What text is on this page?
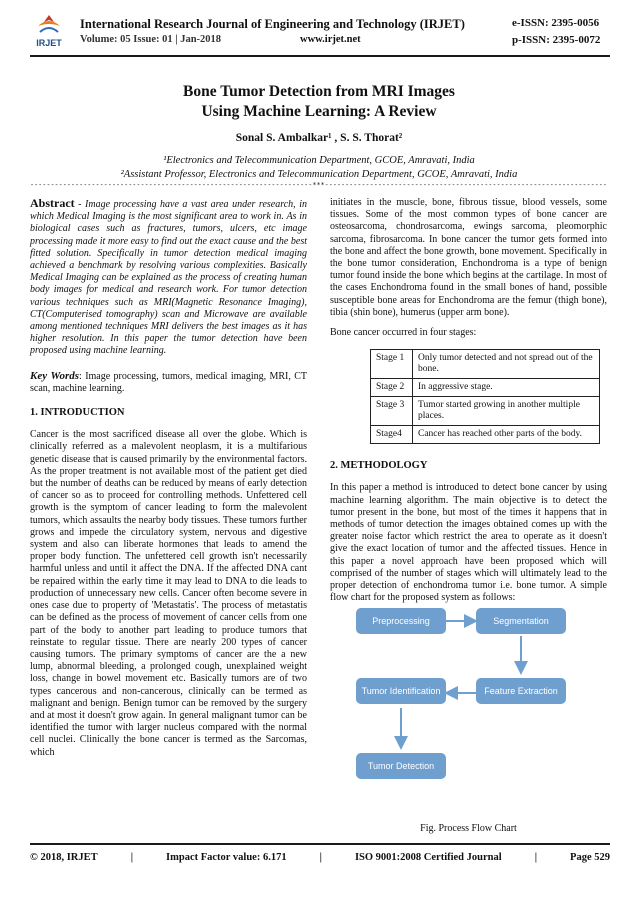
IRJET
International Research Journal of Engineering and Technology (IRJET)	e-ISSN: 2395-0056
Volume: 05 Issue: 01 | Jan-2018	www.irjet.net	p-ISSN: 2395-0072
Bone Tumor Detection from MRI Images
Using Machine Learning: A Review
Sonal S. Ambalkar¹ , S. S. Thorat²
¹Electronics and Telecommunication Department, GCOE, Amravati, India
²Assistant Professor, Electronics and Telecommunication Department, GCOE, Amravati, India
---------------------------------------------------------------------***---------------------------------------------------------------------

Abstract - Image processing have a vast area under research, in which Medical Imaging is the most significant area to work in. As in biological cases such as fractures, tumors, ulcers, etc image processing made it more easy to find out the exact cause and the best fitted solution. Specifically in tumor detection medical imaging achieved a benchmark by resolving various complexities. Basically Medical Imaging can be explained as the process of creating human body images for medical and research work. For tumor detection various techniques such as MRI(Magnetic Resonance Imaging), CT(Computerised tomography) scan and Microwave are available among mentioned techniques MRI delivers the best images as it has higher resolution. In this paper the tumor detection have been proposed using machine learning.

Key Words: Image processing, tumors, medical imaging, MRI, CT scan, machine learning.

1. INTRODUCTION

Cancer is the most sacrificed disease all over the globe. Which is clinically referred as a malevolent neoplasm, it is a multifarious genetic disease that is caused primarily by the environmental factors. As the proper treatment is not available most of the patient get died but the number of deaths can be reduced by means of early detection of cancer so as to proceed for controlling methods. Unfettered cell growth is the symptom of cancer leading to form the malevolent tumors, which assaults the nearby body tissues. These tumors further grows and impede the circulatory system, nervous and digestive system and also can liberate hormones that leads to amend the proper body function. The unfettered cell growth isn't necessarily harmful unless and until it affect the DNA. If the affected DNA cant be repaired within the early time it may lead to DNA to die leads to production of unnecessary new cells. Cancer often become severe in ones case due to property of 'Metastatis'. The process of metastatis can be defined as the process of movement of cancer cells from one part of the body to another part leading to produce tumors that reinstate to regular tissue. There are nearly 200 types of cancer causing tumors. The primary symptoms of cancer are the a new lump, abnormal bleeding, a prolonged cough, unexplained weight loss, change in bowel movement etc. Basically tumors are of two types cancerous and non-cancerous, clinically can be termed as malignant and benign. Benign tumor can be removed by the surgery and at most it doesn't grow again. In general malignant tumor can be identified the tumor with larger nucleus compared with the normal cell nuclei. Clinically the bone cancer is termed as the Sarcomas, which

initiates in the muscle, bone, fibrous tissue, blood vessels, some tissues. Some of the most common types of bone cancer are osteosarcoma, chondrosarcoma, ewings sarcoma, pleomorphic sarcoma, fibrosarcoma. In bone cancer the tumor gets formed into the bone and affect the bone growth, bone movement. Specifically in the bone tumor consideration, Enchondroma is a type of benign tumor found inside the bone which begins at the cartilage. In most of the cases Enchondroma found in the small bones of hand, possible susceptible bone areas for Enchondroma are the femur (thigh bone), tibia (shin bone), humerus (upper arm bone).

Bone cancer occurred in four stages:

Stage 1	Only tumor detected and not spread out of the bone.
Stage 2	In aggressive stage.
Stage 3	Tumor started growing in another multiple places.
Stage4	Cancer has reached other parts of the body.
2. METHODOLOGY

In this paper a method is introduced to detect bone cancer by using machine learning algorithm. The main objective is to detect the tumor present in the bone, but most of the times it happens that in methods of tumor detection the images obtained comes up with the greater noise factor which restrict the area to operate as it doesn't give the exact location of tumor and the affected tissues. Hence in this paper a novel approach have been proposed which will comprised of the number of stages which will ultimately lead to the proper detection of enchondroma tumor i.e. bone tumor. A simple flow chart for the proposed system as follows:

Preprocessing	Segmentation
Feature Extraction
Tumor Identification
Tumor Detection
Fig. Process Flow Chart
© 2018, IRJET	|	Impact Factor value: 6.171	|	ISO 9001:2008 Certified Journal	|	Page 529
